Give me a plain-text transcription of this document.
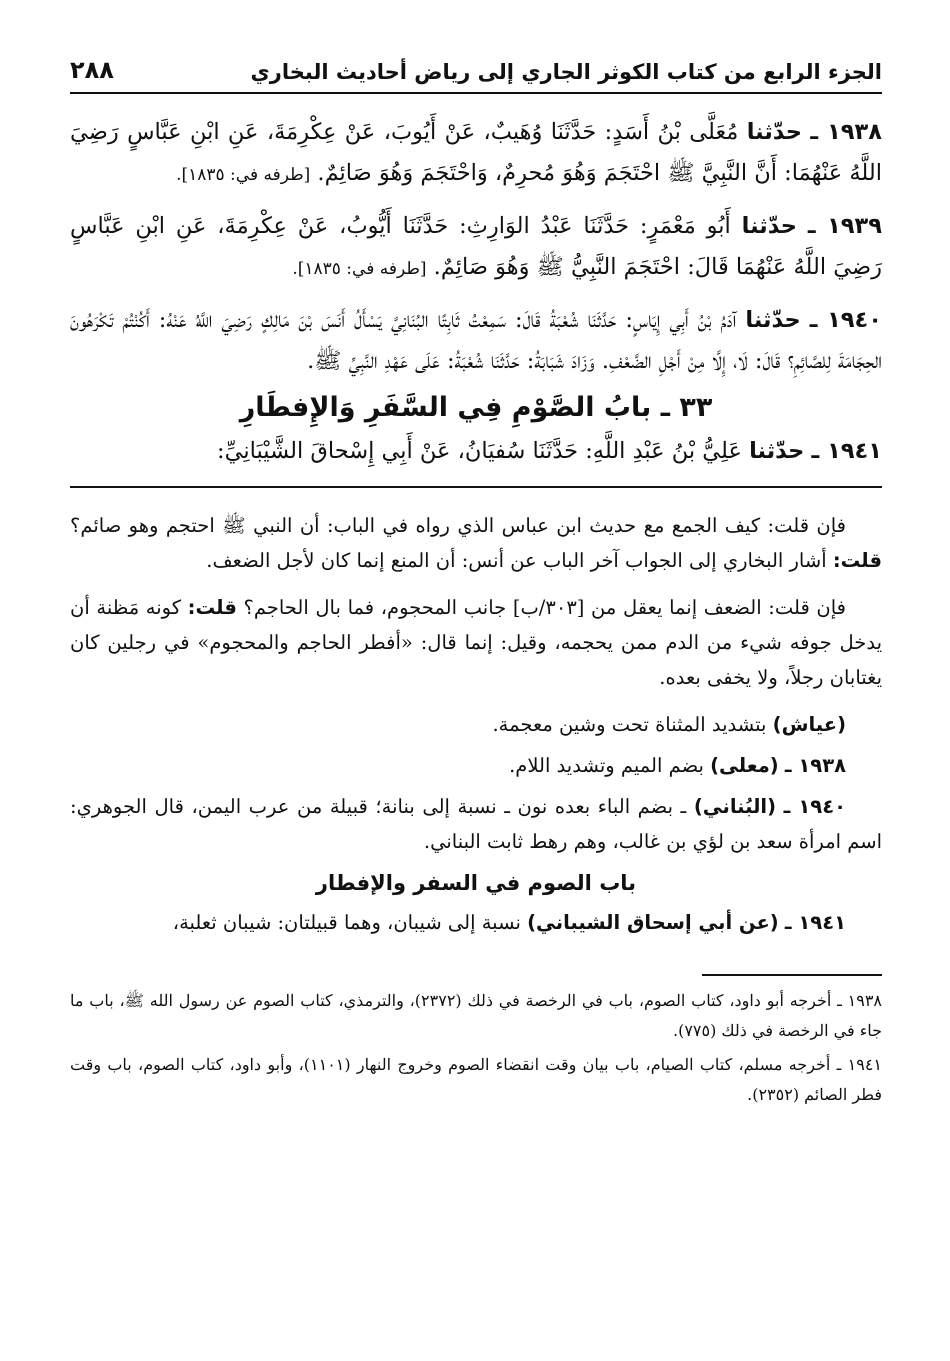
الجزء الرابع من كتاب الكوثر الجاري إلى رياض أحاديث البخاري
٢٨٨

١٩٣٨ ـ حدّثنا مُعَلَّى بْنُ أَسَدٍ: حَدَّثَنَا وُهَيبٌ، عَنْ أَيُوبَ، عَنْ عِكْرِمَةَ، عَنِ ابْنِ عَبَّاسٍ رَضِيَ اللَّهُ عَنْهُمَا: أَنَّ النَّبِيَّ ﷺ احْتَجَمَ وَهُوَ مُحرِمٌ، وَاحْتَجَمَ وَهُوَ صَائِمٌ. [طرفه في: ١٨٣٥].

١٩٣٩ ـ حدّثنا أَبُو مَعْمَرٍ: حَدَّثَنَا عَبْدُ الوَارِثِ: حَدَّثَنَا أَيُّوبُ، عَنْ عِكْرِمَةَ، عَنِ ابْنِ عَبَّاسٍ رَضِيَ اللَّهُ عَنْهُمَا قَالَ: احْتَجَمَ النَّبِيُّ ﷺ وَهُوَ صَائِمٌ. [طرفه في: ١٨٣٥].

١٩٤٠ ـ حدّثنا آدَمُ بْنُ أَبِي إِيَاسٍ: حَدَّثَنَا شُعْبَةُ قَالَ: سَمِعْتُ ثَابِتًا البُنَانِيَّ يَسْأَلُ أَنَسَ بْنَ مَالِكٍ رَضِيَ اللَّهُ عَنْهُ: أَكُنْتُمْ تَكْرَهُونَ الحِجَامَةَ لِلصَّائِمِ؟ قَالَ: لَا، إِلَّا مِنْ أَجْلِ الضَّعْفِ. وَزَادَ شَبَابَةُ: حَدَّثَنَا شُعْبَةُ: عَلَى عَهْدِ النَّبِيِّ ﷺ.

٣٣ ـ بابُ الصَّوْمِ فِي السَّفَرِ وَالإِفطَارِ

١٩٤١ ـ حدّثنا عَلِيُّ بْنُ عَبْدِ اللَّهِ: حَدَّثَنَا سُفيَانُ، عَنْ أَبِي إِسْحاقَ الشَّيْبَانِيِّ:

فإن قلت: كيف الجمع مع حديث ابن عباس الذي رواه في الباب: أن النبي ﷺ احتجم وهو صائم؟ قلت: أشار البخاري إلى الجواب آخر الباب عن أنس: أن المنع إنما كان لأجل الضعف.

فإن قلت: الضعف إنما يعقل من [٣٠٣/ب] جانب المحجوم، فما بال الحاجم؟ قلت: كونه مَظنة أن يدخل جوفه شيء من الدم ممن يحجمه، وقيل: إنما قال: «أفطر الحاجم والمحجوم» في رجلين كان يغتابان رجلاً، ولا يخفى بعده.

(عياش) بتشديد المثناة تحت وشين معجمة.

١٩٣٨ ـ (معلى) بضم الميم وتشديد اللام.

١٩٤٠ ـ (البُناني) ـ بضم الباء بعده نون ـ نسبة إلى بنانة؛ قبيلة من عرب اليمن، قال الجوهري: اسم امرأة سعد بن لؤي بن غالب، وهم رهط ثابت البناني.

باب الصوم في السفر والإفطار

١٩٤١ ـ (عن أبي إسحاق الشيباني) نسبة إلى شيبان، وهما قبيلتان: شيبان ثعلبة،

١٩٣٨ ـ أخرجه أبو داود، كتاب الصوم، باب في الرخصة في ذلك (٢٣٧٢)، والترمذي، كتاب الصوم عن رسول الله ﷺ، باب ما جاء في الرخصة في ذلك (٧٧٥).

١٩٤١ ـ أخرجه مسلم، كتاب الصيام، باب بيان وقت انقضاء الصوم وخروج النهار (١١٠١)، وأبو داود، كتاب الصوم، باب وقت فطر الصائم (٢٣٥٢).
